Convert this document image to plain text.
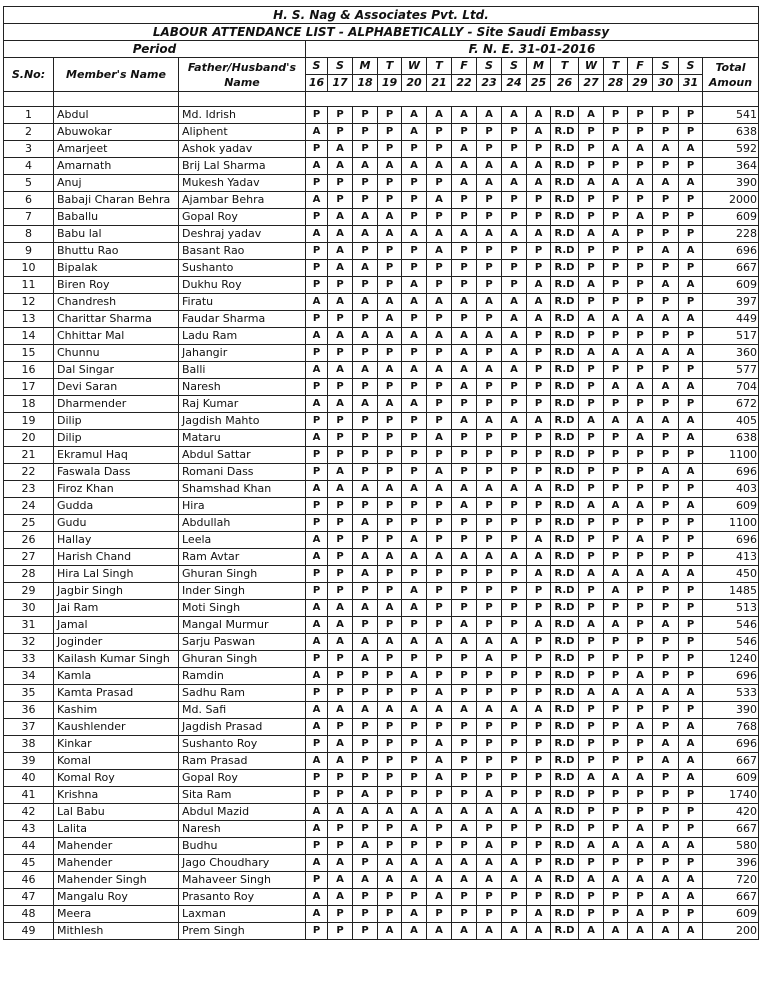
H. S. Nag & Associates Pvt. Ltd.																			
LABOUR ATTENDANCE LIST - ALPHABETICALLY - Site Saudi Embassy																			
Period			F. N. E. 31-01-2016																
S.No:	Member's Name	Father/Husband's Name	S	S	M	T	W	T	F	S	S	M	T	W	T	F	S	S	Total Amoun
			16	17	18	19	20	21	22	23	24	25	26	27	28	29	30	31	

1	Abdul	Md. Idrish	P	P	P	P	A	A	A	A	A	A	R.D	A	P	P	P	P	541
2	Abuwokar	Aliphent	A	P	P	P	A	P	P	P	P	A	R.D	P	P	P	P	P	638
3	Amarjeet	Ashok yadav	P	A	P	P	P	P	A	P	P	P	R.D	P	A	A	A	A	592
4	Amarnath	Brij Lal Sharma	A	A	A	A	A	A	A	A	A	A	R.D	P	P	P	P	P	364
5	Anuj	Mukesh Yadav	P	P	P	P	P	P	A	A	A	A	R.D	A	A	A	A	A	390
6	Babaji Charan Behra	Ajambar Behra	A	P	P	P	P	A	P	P	P	P	R.D	P	P	P	P	P	2000
7	Baballu	Gopal Roy	P	A	A	A	P	P	P	P	P	P	R.D	P	P	A	P	P	609
8	Babu lal	Deshraj yadav	A	A	A	A	A	A	A	A	A	A	R.D	A	A	P	P	P	228
9	Bhuttu Rao	Basant Rao	P	A	P	P	P	A	P	P	P	P	R.D	P	P	P	A	A	696
10	Bipalak	Sushanto	P	A	A	P	P	P	P	P	P	P	R.D	P	P	P	P	P	667
11	Biren Roy	Dukhu Roy	P	P	P	P	A	P	P	P	P	A	R.D	A	P	P	A	A	609
12	Chandresh	Firatu	A	A	A	A	A	A	A	A	A	A	R.D	P	P	P	P	P	397
13	Charittar Sharma	Faudar Sharma	P	P	P	A	P	P	P	P	A	A	R.D	A	A	A	A	A	449
14	Chhittar Mal	Ladu Ram	A	A	A	A	A	A	A	A	A	P	R.D	P	P	P	P	P	517
15	Chunnu	Jahangir	P	P	P	P	P	P	A	P	A	P	R.D	A	A	A	A	A	360
16	Dal Singar	Balli	A	A	A	A	A	A	A	A	A	P	R.D	P	P	P	P	P	577
17	Devi Saran	Naresh	P	P	P	P	P	P	A	P	P	P	R.D	P	A	A	A	A	704
18	Dharmender	Raj Kumar	A	A	A	A	A	P	P	P	P	P	R.D	P	P	P	P	P	672
19	Dilip	Jagdish Mahto	P	P	P	P	P	P	A	A	A	A	R.D	A	A	A	A	A	405
20	Dilip	Mataru	A	P	P	P	P	A	P	P	P	P	R.D	P	P	A	P	A	638
21	Ekramul Haq	Abdul Sattar	P	P	P	P	P	P	P	P	P	P	R.D	P	P	P	P	P	1100
22	Faswala Dass	Romani Dass	P	A	P	P	P	A	P	P	P	P	R.D	P	P	P	A	A	696
23	Firoz Khan	Shamshad Khan	A	A	A	A	A	A	A	A	A	A	R.D	P	P	P	P	P	403
24	Gudda	Hira	P	P	P	P	P	P	A	P	P	P	R.D	A	A	A	P	A	609
25	Gudu	Abdullah	P	P	A	P	P	P	P	P	P	P	R.D	P	P	P	P	P	1100
26	Hallay	Leela	A	P	P	P	A	P	P	P	P	A	R.D	P	P	A	P	P	696
27	Harish Chand	Ram Avtar	A	P	A	A	A	A	A	A	A	A	R.D	P	P	P	P	P	413
28	Hira Lal Singh	Ghuran Singh	P	P	A	P	P	P	P	P	P	A	R.D	A	A	A	A	A	450
29	Jagbir Singh	Inder Singh	P	P	P	P	A	P	P	P	P	P	R.D	P	A	P	P	P	1485
30	Jai Ram	Moti Singh	A	A	A	A	A	P	P	P	P	P	R.D	P	P	P	P	P	513
31	Jamal	Mangal Murmur	A	A	P	P	P	P	A	P	P	A	R.D	A	A	P	A	P	546
32	Joginder	Sarju Paswan	A	A	A	A	A	A	A	A	A	P	R.D	P	P	P	P	P	546
33	Kailash Kumar Singh	Ghuran Singh	P	P	A	P	P	P	P	A	P	P	R.D	P	P	P	P	P	1240
34	Kamla	Ramdin	A	P	P	P	A	P	P	P	P	P	R.D	P	P	A	P	P	696
35	Kamta Prasad	Sadhu Ram	P	P	P	P	P	A	P	P	P	P	R.D	A	A	A	A	A	533
36	Kashim	Md. Safi	A	A	A	A	A	A	A	A	A	A	R.D	P	P	P	P	P	390
37	Kaushlender	Jagdish Prasad	A	P	P	P	P	P	P	P	P	P	R.D	P	P	A	P	A	768
38	Kinkar	Sushanto Roy	P	A	P	P	P	A	P	P	P	P	R.D	P	P	P	A	A	696
39	Komal	Ram Prasad	A	A	P	P	P	A	P	P	P	P	R.D	P	P	P	A	A	667
40	Komal Roy	Gopal Roy	P	P	P	P	P	A	P	P	P	P	R.D	A	A	A	P	A	609
41	Krishna	Sita Ram	P	P	A	P	P	P	P	A	P	P	R.D	P	P	P	P	P	1740
42	Lal Babu	Abdul Mazid	A	A	A	A	A	A	A	A	A	A	R.D	P	P	P	P	P	420
43	Lalita	Naresh	A	P	P	P	A	P	A	P	P	P	R.D	P	P	A	P	P	667
44	Mahender	Budhu	P	P	A	P	P	P	P	A	P	P	R.D	A	A	A	A	A	580
45	Mahender	Jago Choudhary	A	A	P	A	A	A	A	A	A	P	R.D	P	P	P	P	P	396
46	Mahender Singh	Mahaveer Singh	P	A	A	A	A	A	A	A	A	A	R.D	A	A	A	A	A	720
47	Mangalu Roy	Prasanto Roy	A	A	P	P	P	A	P	P	P	P	R.D	P	P	P	A	A	667
48	Meera	Laxman	A	P	P	P	A	P	P	P	P	A	R.D	P	P	A	P	P	609
49	Mithlesh	Prem Singh	P	P	P	A	A	A	A	A	A	A	R.D	A	A	A	A	A	200
